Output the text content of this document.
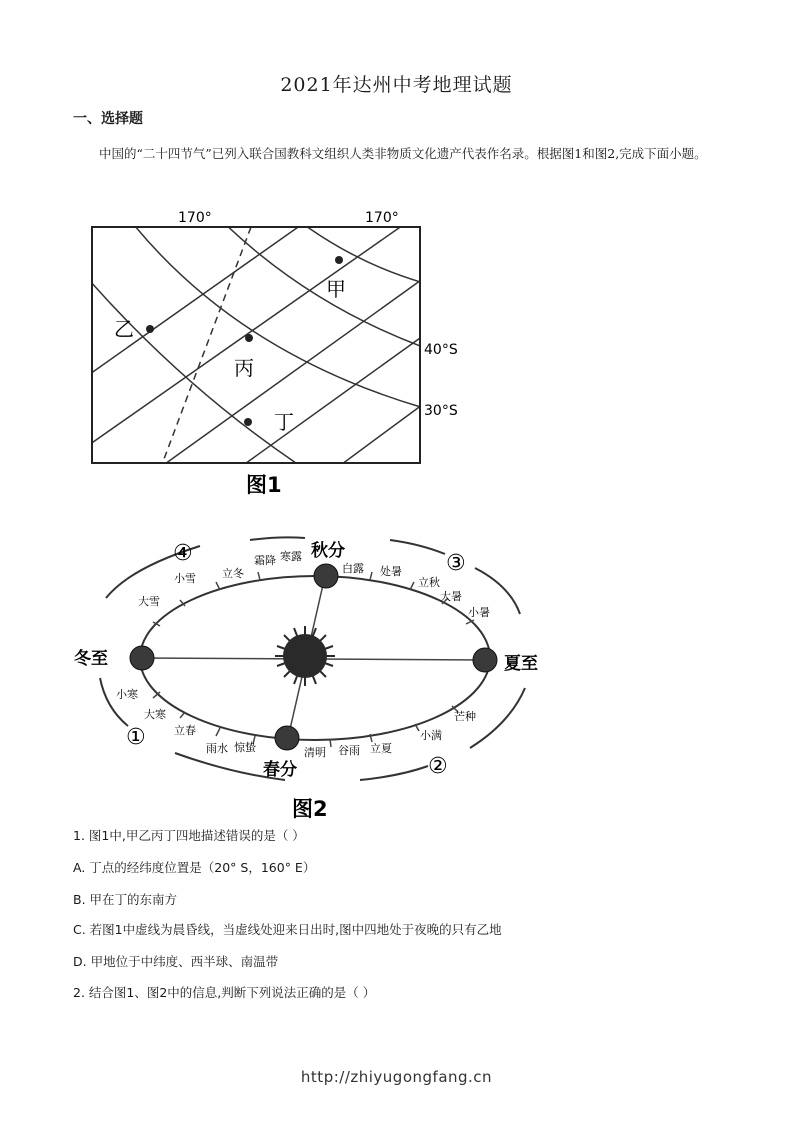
2021年达州中考地理试题
一、选择题
中国的“二十四节气”已列入联合国教科文组织人类非物质文化遗产代表作名录。根据图1和图2,完成下面小题。
甲
乙
丙
丁
170°	170°
40°S
30°S
图1
④	③
①
②
冬至	夏至
秋分
春分
霜降 寒露
立冬
小雪
大雪
白露 处暑
立秋
大暑
小暑
小寒
大寒
立春
雨水 惊蛰	清明 谷雨 立夏
小满
芒种
图2
1. 图1中,甲乙丙丁四地描述错误的是（ ）
A. 丁点的经纬度位置是（20° S，160° E）
B. 甲在丁的东南方
C. 若图1中虚线为晨昏线，当虚线处迎来日出时,图中四地处于夜晚的只有乙地
D. 甲地位于中纬度、西半球、南温带
2. 结合图1、图2中的信息,判断下列说法正确的是（ ）
http://zhiyugongfang.cn
